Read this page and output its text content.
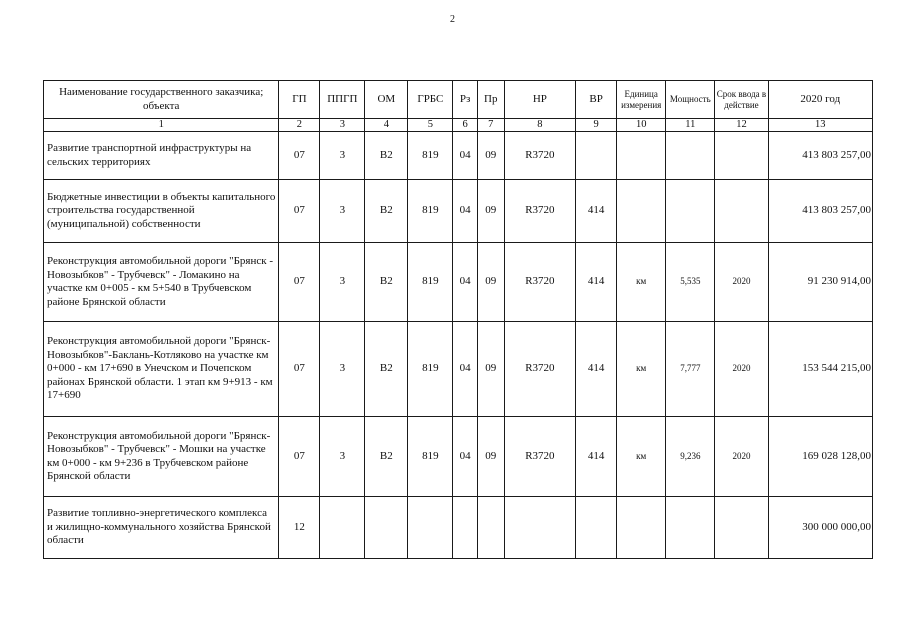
2
Наименование государственного заказчика; объекта	ГП	ППГП	ОМ	ГРБС	Рз	Пр	НР	ВР	Единица измерения	Мощность	Срок ввода в действие	2020 год
1	2	3	4	5	6	7	8	9	10	11	12	13
Развитие транспортной инфраструктуры на сельских территориях	07	3	В2	819	04	09	R3720					413 803 257,00
Бюджетные инвестиции в объекты капитального строительства государственной (муниципальной) собственности	07	3	В2	819	04	09	R3720	414				413 803 257,00
Реконструкция автомобильной дороги "Брянск - Новозыбков" - Трубчевск" - Ломакино на участке км 0+005 - км 5+540 в Трубчевском районе Брянской области	07	3	В2	819	04	09	R3720	414	км	5,535	2020	91 230 914,00
Реконструкция автомобильной дороги "Брянск-Новозыбков"-Баклань-Котляково на участке км 0+000 - км 17+690 в Унечском и Почепском районах Брянской области. 1 этап км 9+913 - км 17+690	07	3	В2	819	04	09	R3720	414	км	7,777	2020	153 544 215,00
Реконструкция автомобильной дороги "Брянск-Новозыбков" - Трубчевск" - Мошки на участке км 0+000 - км 9+236 в Трубчевском районе Брянской области	07	3	В2	819	04	09	R3720	414	км	9,236	2020	169 028 128,00
Развитие топливно-энергетического комплекса и жилищно-коммунального хозяйства Брянской области	12											300 000 000,00
